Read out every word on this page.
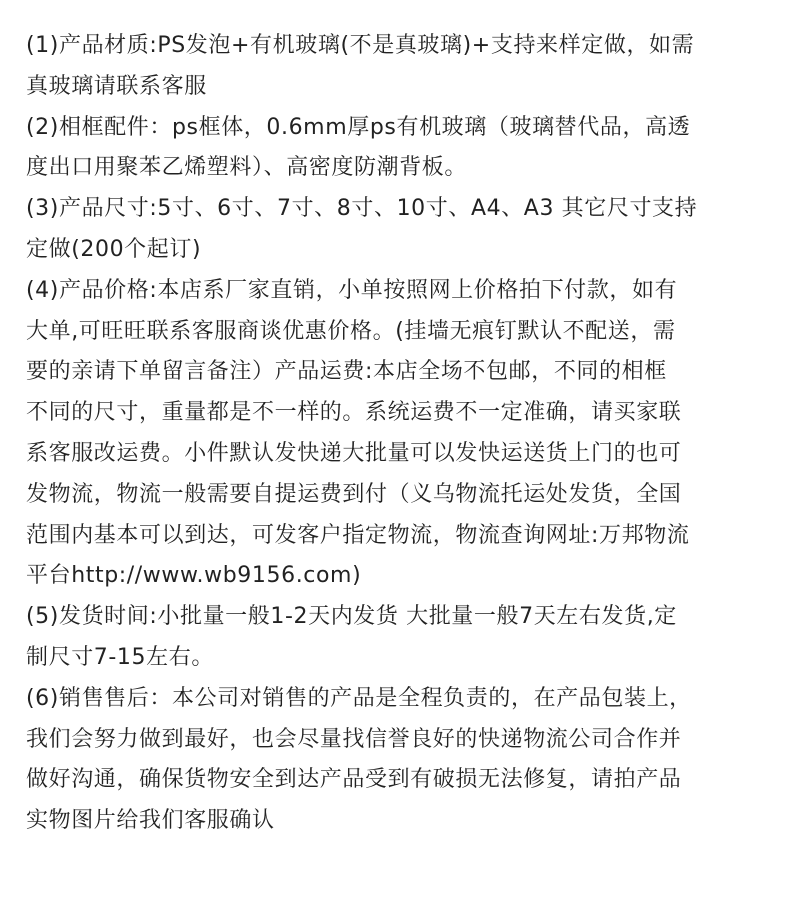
(1)产品材质:PS发泡+有机玻璃(不是真玻璃)+支持来样定做，如需
真玻璃请联系客服
(2)相框配件：ps框体，0.6mm厚ps有机玻璃（玻璃替代品，高透
度出口用聚苯乙烯塑料）、高密度防潮背板。
(3)产品尺寸:5寸、6寸、7寸、8寸、10寸、A4、A3 其它尺寸支持
定做(200个起订)
(4)产品价格:本店系厂家直销，小单按照网上价格拍下付款，如有
大单,可旺旺联系客服商谈优惠价格。(挂墙无痕钉默认不配送，需
要的亲请下单留言备注）产品运费:本店全场不包邮，不同的相框
不同的尺寸，重量都是不一样的。系统运费不一定准确，请买家联
系客服改运费。小件默认发快递大批量可以发快运送货上门的也可
发物流，物流一般需要自提运费到付（义乌物流托运处发货，全国
范围内基本可以到达，可发客户指定物流，物流查询网址:万邦物流
平台http://www.wb9156.com)
(5)发货时间:小批量一般1-2天内发货 大批量一般7天左右发货,定
制尺寸7-15左右。
(6)销售售后：本公司对销售的产品是全程负责的，在产品包装上，
我们会努力做到最好，也会尽量找信誉良好的快递物流公司合作并
做好沟通，确保货物安全到达产品受到有破损无法修复，请拍产品
实物图片给我们客服确认
